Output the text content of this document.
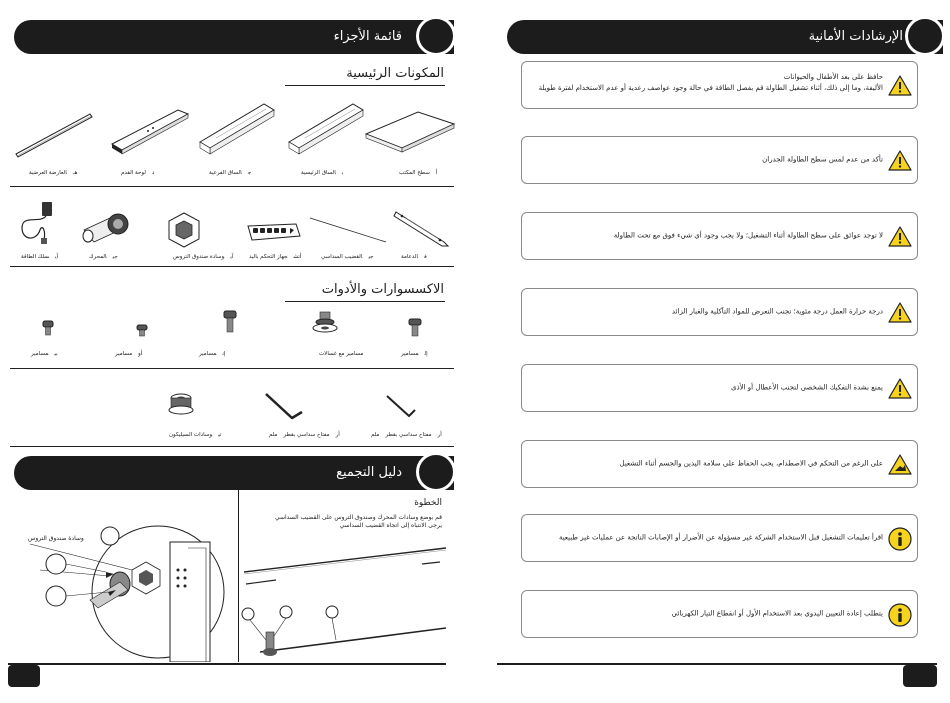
الإرشادات الأمانية
حافظ على بعد الأطفال والحيوانات
الأليفة، وما إلى ذلك، أثناء تشغيل الطاولة قم بفصل الطاقة في حالة وجود عواصف رعدية أو عدم الاستخدام لفترة طويلة
تأكد من عدم لمس سطح الطاولة الجدران
لا توجد عوائق على سطح الطاولة أثناء التشغيل؛ ولا يجب وجود أي شيء فوق مع تحت الطاولة
درجة حرارة العمل درجة مئوية؛ تجنب التعرض للمواد التآكلية والغبار الزائد
يمنع بشدة التفكيك الشخصي لتجنب الأعطال أو الأذى
على الرغم من التحكم في الاصطدام، يجب الحفاظ على سلامة اليدين والجسم أثناء التشغيل
اقرأ تعليمات التشغيل قبل الاستخدام الشركة غير مسؤولة عن الأضرار أو الإصابات الناتجة عن عمليات غير طبيعية
يتطلب إعادة التعيين اليدوي بعد الاستخدام الأول أو انقطاع التيار الكهربائي
قائمة الأجزاء
المكونات الرئيسية
أسطح المكتب
بالساق الرئيسية
جالساق الفرعية
دلوحة القدم
هـالعارضة العرضية
فالدعامة
جيالقضيب السداسي
أتشجهاز التحكم باليد
آيوسادة صندوق التروس
جيالمحرك
آيسلك الطاقة
الاكسسوارات والأدوات
إلمسامير
مسامير مع غسالات
إنمسامير
أومسامير
بيمسامير
أرمفتاح سداسي بقطرملم
أرمفتاح سداسي بقطرملم
تيوسادات السيليكون
دليل التجميع
وسادة صندوق التروس
الخطوة
قم بوضع وسادات المحرك وصندوق التروس على القضيب السداسي
يرجى الانتباه إلى اتجاه القضيب السداسي
